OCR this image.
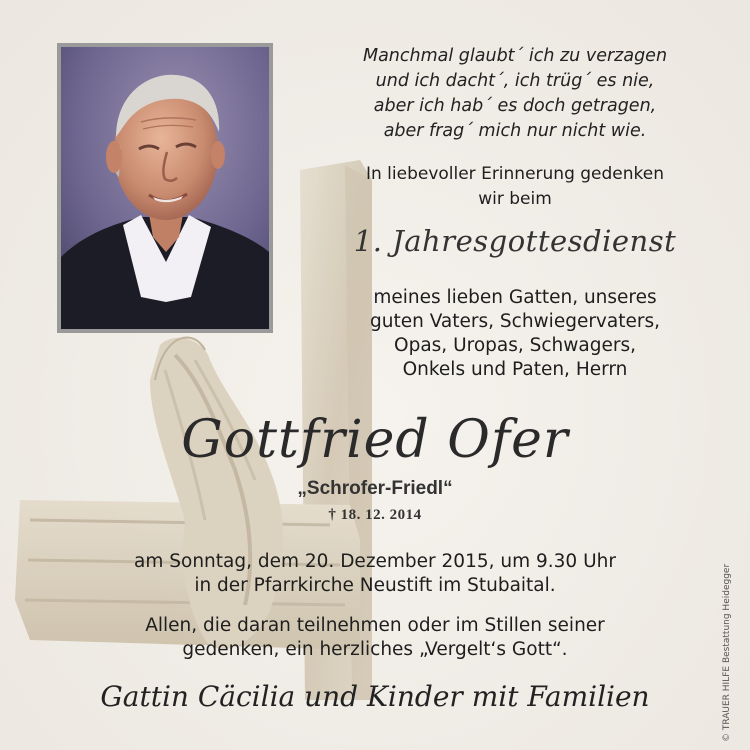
Manchmal glaubt´ ich zu verzagen
und ich dacht´, ich trüg´ es nie,
aber ich hab´ es doch getragen,
aber frag´ mich nur nicht wie.
In liebevoller Erinnerung gedenken
wir beim
1. Jahresgottesdienst
meines lieben Gatten, unseres
guten Vaters, Schwiegervaters,
Opas, Uropas, Schwagers,
Onkels und Paten, Herrn
Gottfried Ofer
„Schrofer-Friedl“
† 18. 12. 2014
am Sonntag, dem 20. Dezember 2015, um 9.30 Uhr
in der Pfarrkirche Neustift im Stubaital.
Allen, die daran teilnehmen oder im Stillen seiner
gedenken, ein herzliches „Vergelt‘s Gott“.
Gattin Cäcilia und Kinder mit Familien	© TRAUER HILFE Bestattung Heidegger
